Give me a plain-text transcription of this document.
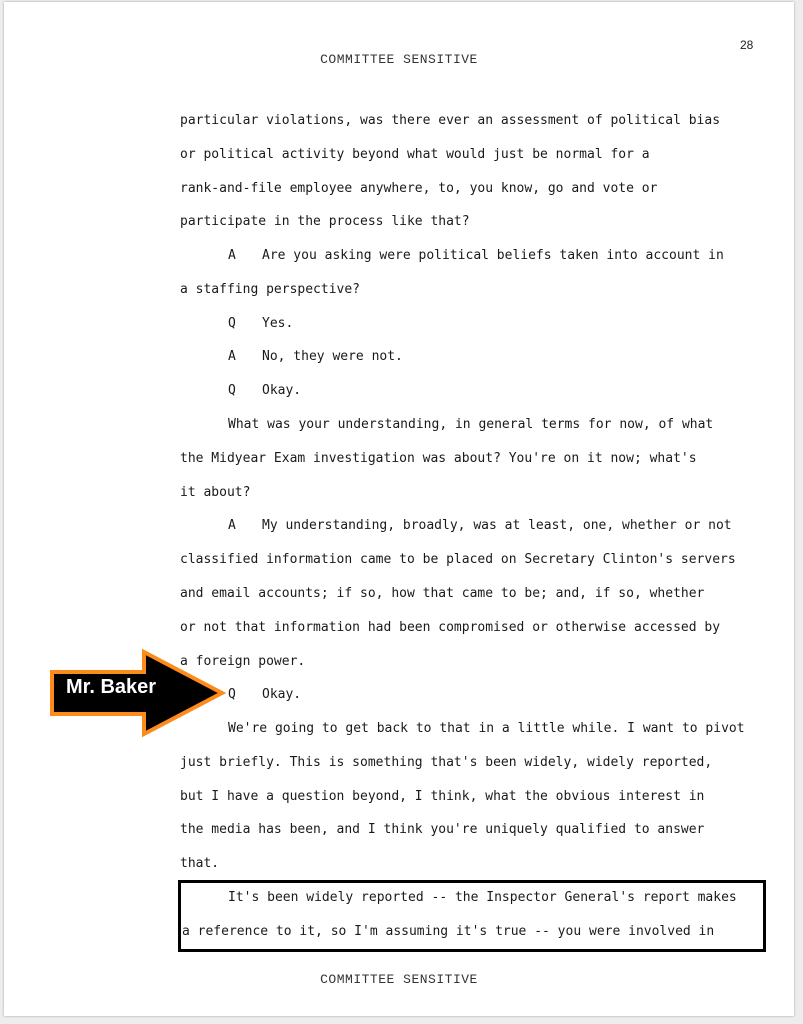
COMMITTEE SENSITIVE
28
particular violations, was there ever an assessment of political bias
or political activity beyond what would just be normal for a
rank-and-file employee anywhere, to, you know, go and vote or
participate in the process like that?
A Are you asking were political beliefs taken into account in
a staffing perspective?
Q Yes.
A No, they were not.
Q Okay.
What was your understanding, in general terms for now, of what
the Midyear Exam investigation was about? You're on it now; what's
it about?
A My understanding, broadly, was at least, one, whether or not
classified information came to be placed on Secretary Clinton's servers
and email accounts; if so, how that came to be; and, if so, whether
or not that information had been compromised or otherwise accessed by
a foreign power.
Q Okay.
We're going to get back to that in a little while. I want to pivot
just briefly. This is something that's been widely, widely reported,
but I have a question beyond, I think, what the obvious interest in
the media has been, and I think you're uniquely qualified to answer
that.
It's been widely reported -- the Inspector General's report makes
a reference to it, so I'm assuming it's true -- you were involved in
COMMITTEE SENSITIVE
Mr. Baker
